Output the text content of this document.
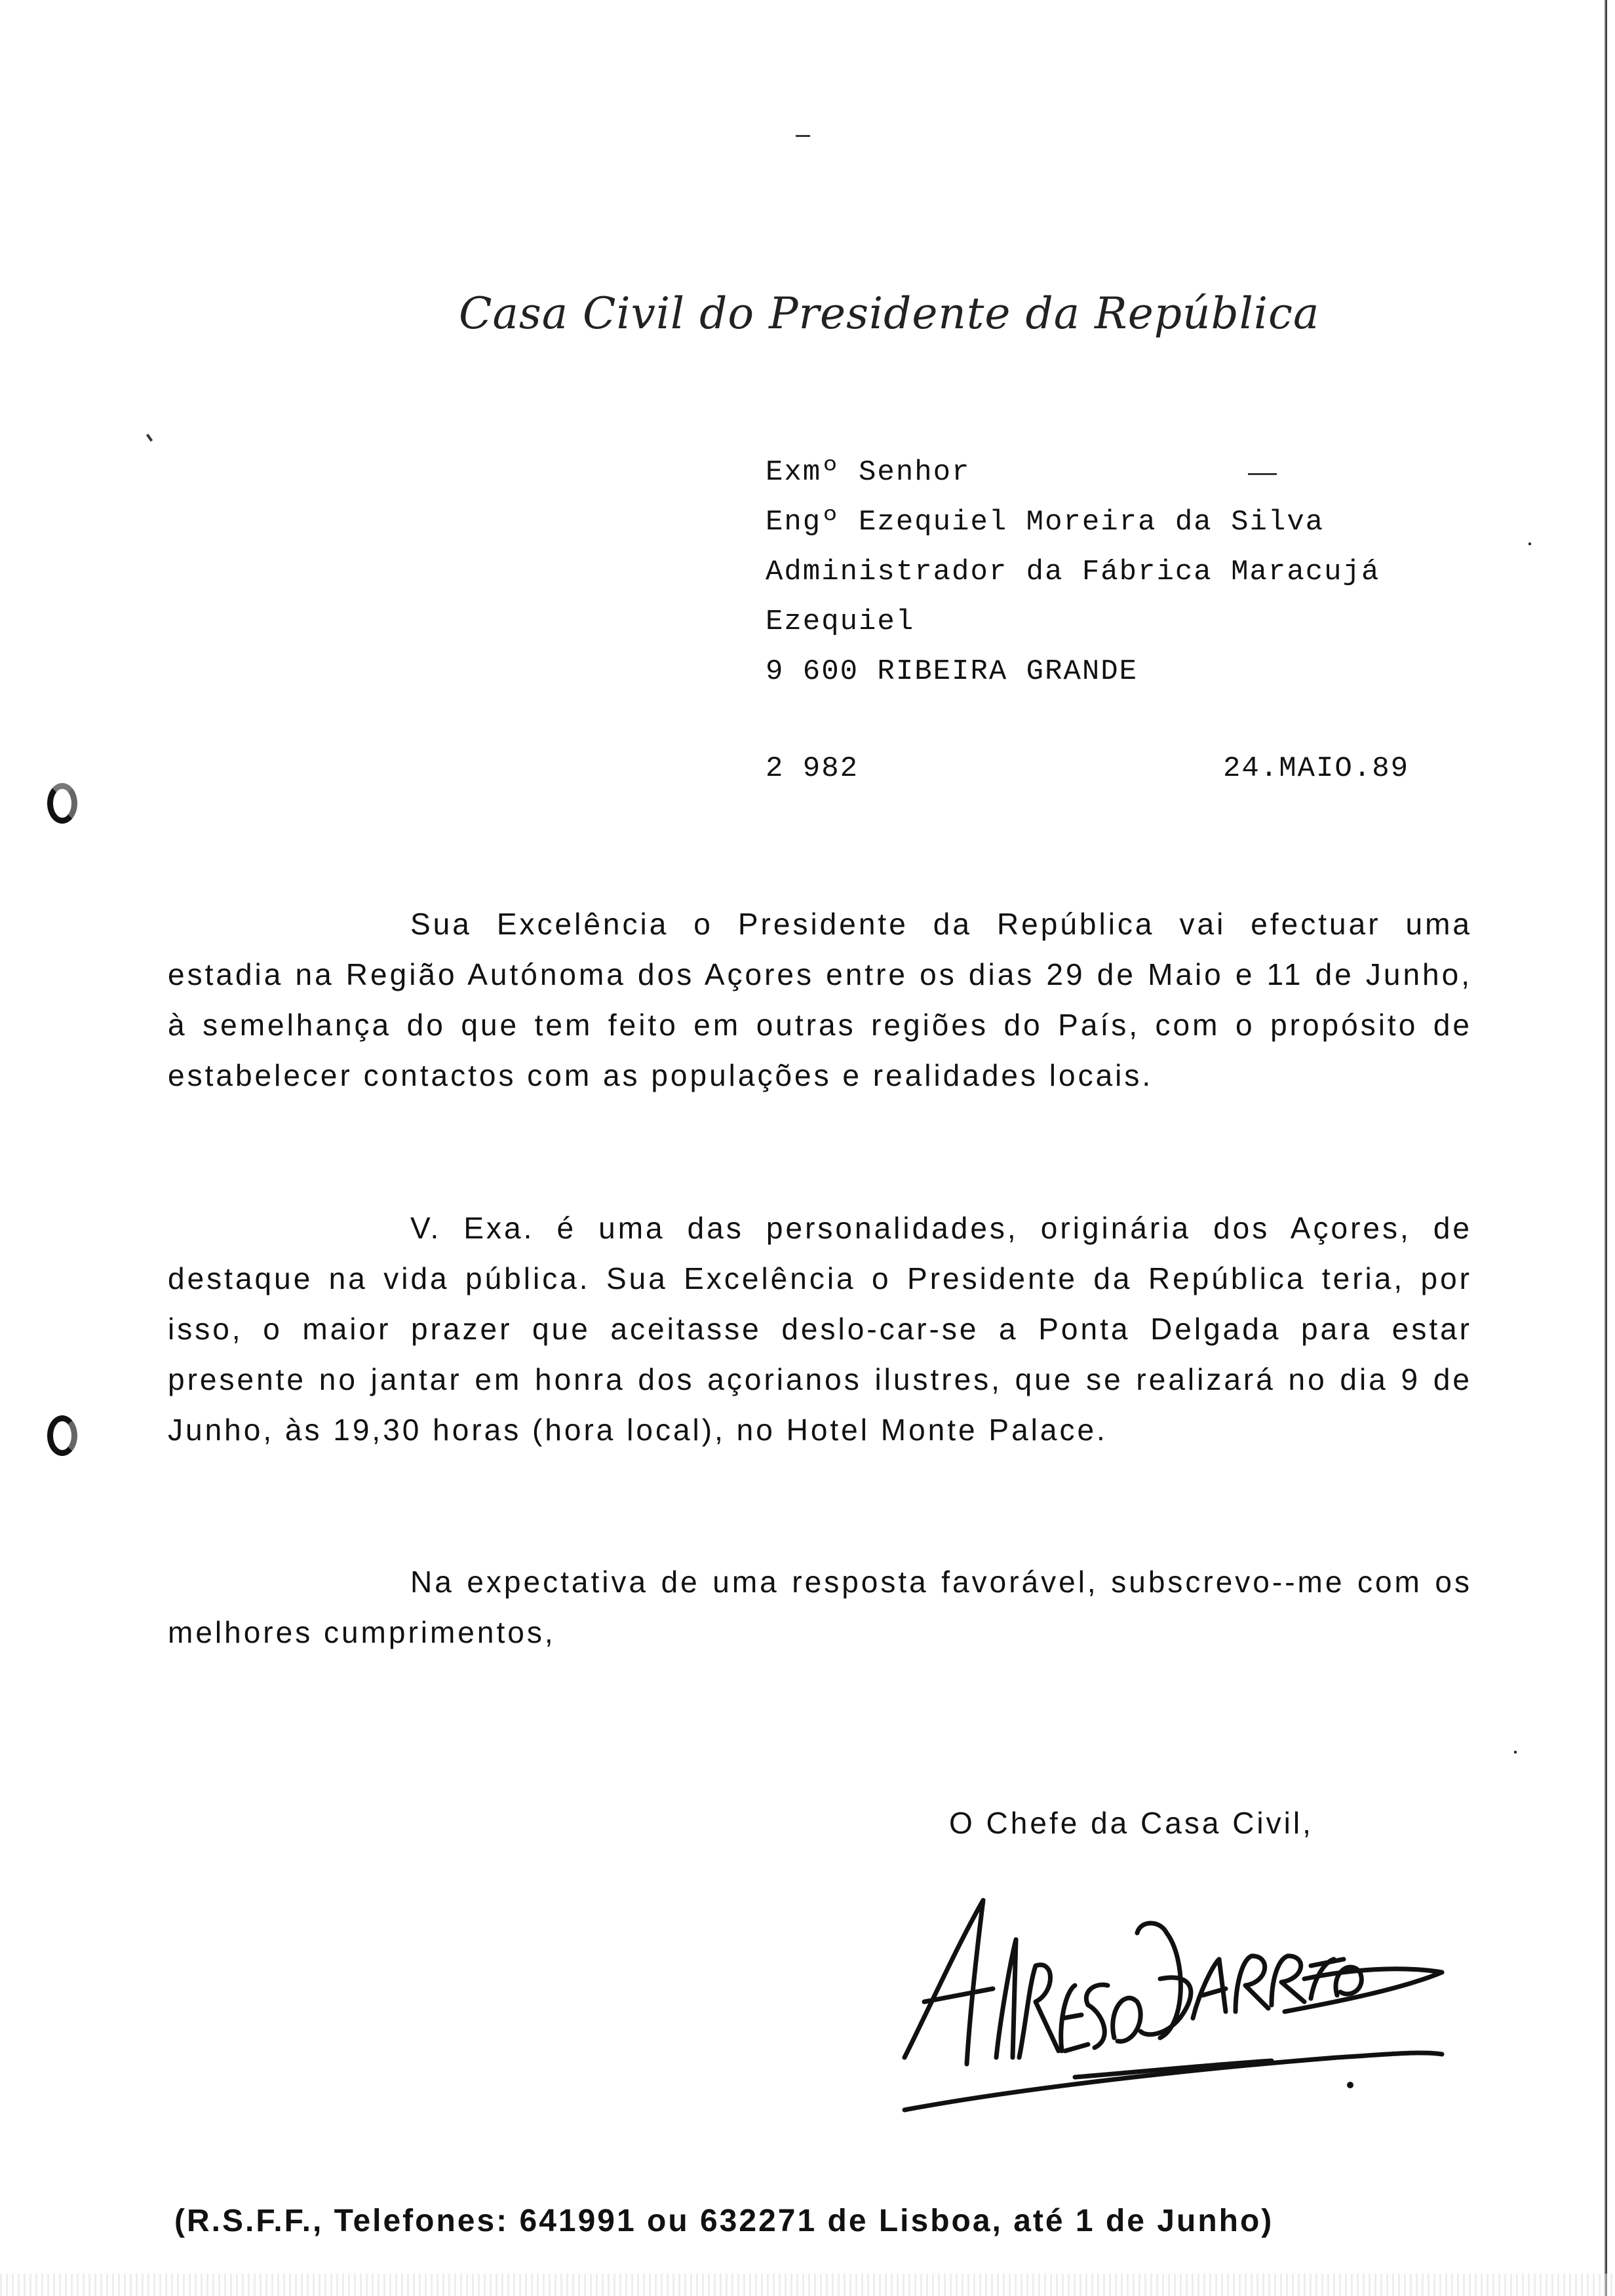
Casa Civil do Presidente da República
Exmº Senhor
Engº Ezequiel Moreira da Silva
Administrador da Fábrica Maracujá
Ezequiel
9 600 RIBEIRA GRANDE
2 982	24.MAIO.89
Sua Excelência o Presidente da República vai efectuar uma estadia na Região Autónoma dos Açores entre os dias 29 de Maio e 11 de Junho, à semelhança do que tem feito em outras regiões do País, com o propósito de estabelecer contactos com as populações e realidades locais.
V. Exa. é uma das personalidades, originária dos Açores, de destaque na vida pública. Sua Excelência o Presidente da República teria, por isso, o maior prazer que aceitasse deslo-car-se a Ponta Delgada para estar presente no jantar em honra dos açorianos ilustres, que se realizará no dia 9 de Junho, às 19,30 horas (hora local), no Hotel Monte Palace.
Na expectativa de uma resposta favorável, subscrevo--me com os melhores cumprimentos,
O Chefe da Casa Civil,
(R.S.F.F., Telefones: 641991 ou 632271 de Lisboa, até 1 de Junho)
